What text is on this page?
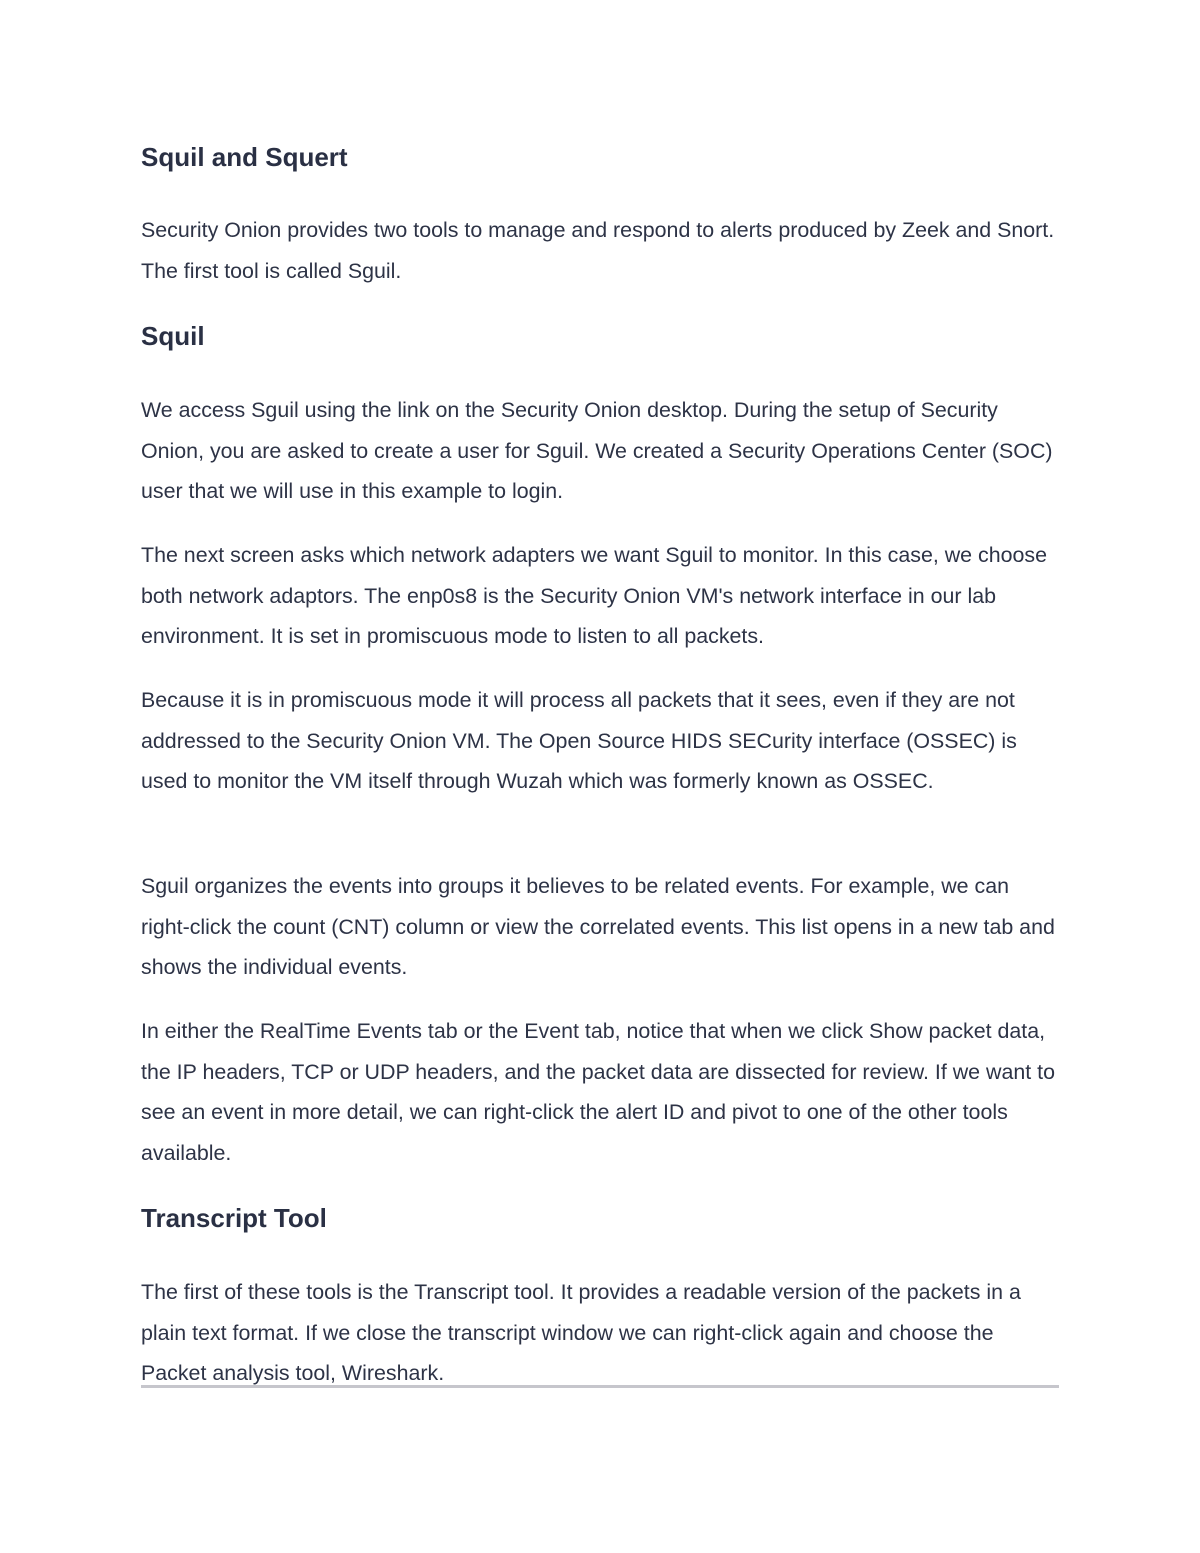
Squil and Squert

Security Onion provides two tools to manage and respond to alerts produced by Zeek and Snort. The first tool is called Sguil.

Squil

We access Sguil using the link on the Security Onion desktop. During the setup of Security Onion, you are asked to create a user for Sguil. We created a Security Operations Center (SOC) user that we will use in this example to login.

The next screen asks which network adapters we want Sguil to monitor. In this case, we choose both network adaptors. The enp0s8 is the Security Onion VM's network interface in our lab environment. It is set in promiscuous mode to listen to all packets.

Because it is in promiscuous mode it will process all packets that it sees, even if they are not addressed to the Security Onion VM. The Open Source HIDS SECurity interface (OSSEC) is used to monitor the VM itself through Wuzah which was formerly known as OSSEC.

Sguil organizes the events into groups it believes to be related events. For example, we can right-click the count (CNT) column or view the correlated events. This list opens in a new tab and shows the individual events.

In either the RealTime Events tab or the Event tab, notice that when we click Show packet data, the IP headers, TCP or UDP headers, and the packet data are dissected for review. If we want to see an event in more detail, we can right-click the alert ID and pivot to one of the other tools available.

Transcript Tool

The first of these tools is the Transcript tool. It provides a readable version of the packets in a plain text format. If we close the transcript window we can right-click again and choose the Packet analysis tool, Wireshark.
